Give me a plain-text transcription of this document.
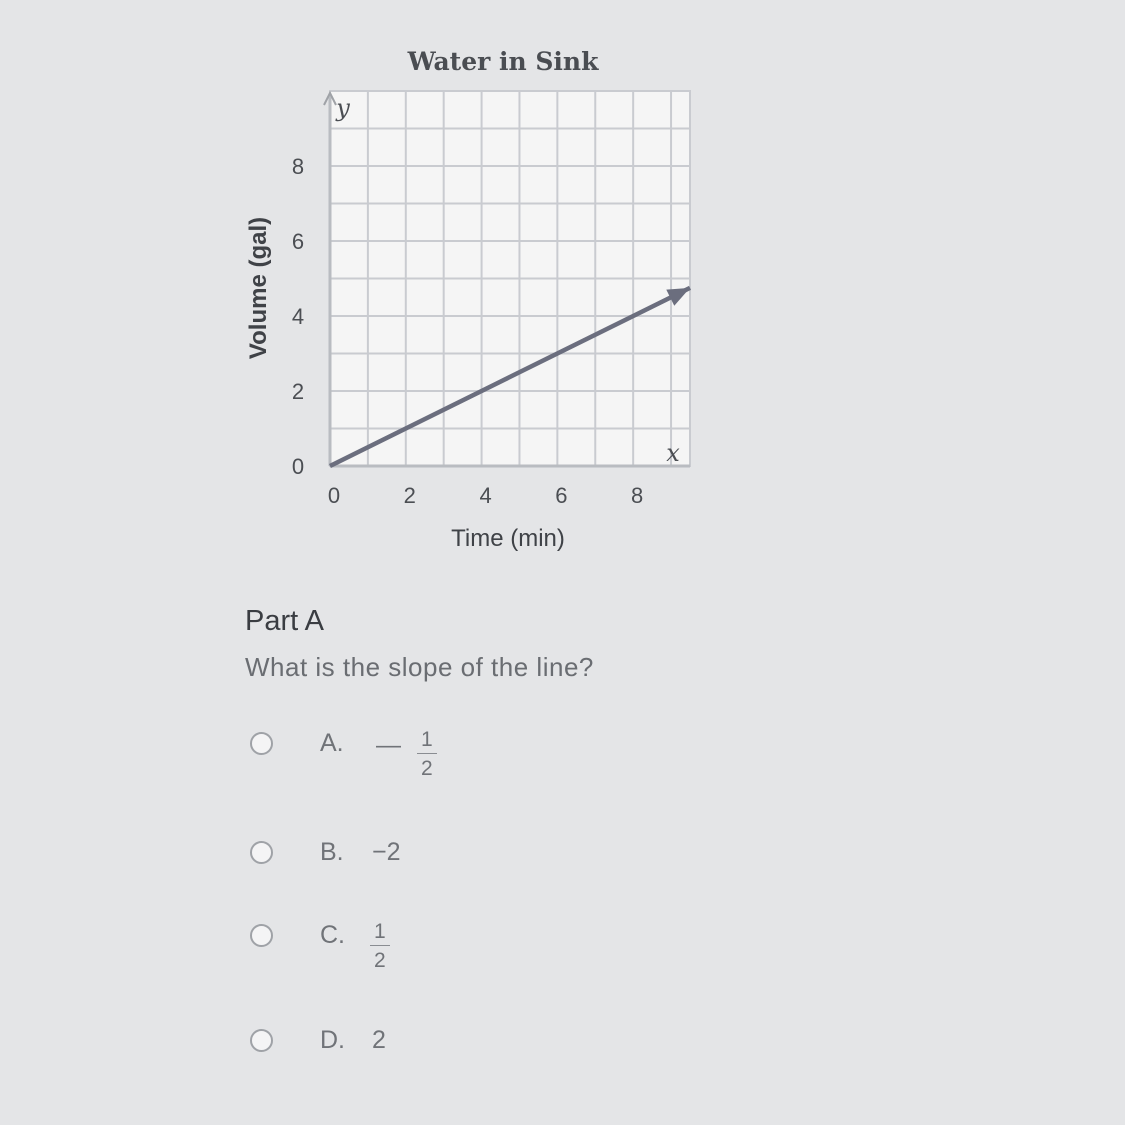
Water in Sink
0	2	4	6	8
0
2
4
6
8
x
y
Time (min)
Volume (gal)
Part A
What is the slope of the line?
A.	— $\frac{1}{2}$
B.	−2
C.	$\frac{1}{2}$
D.	2
